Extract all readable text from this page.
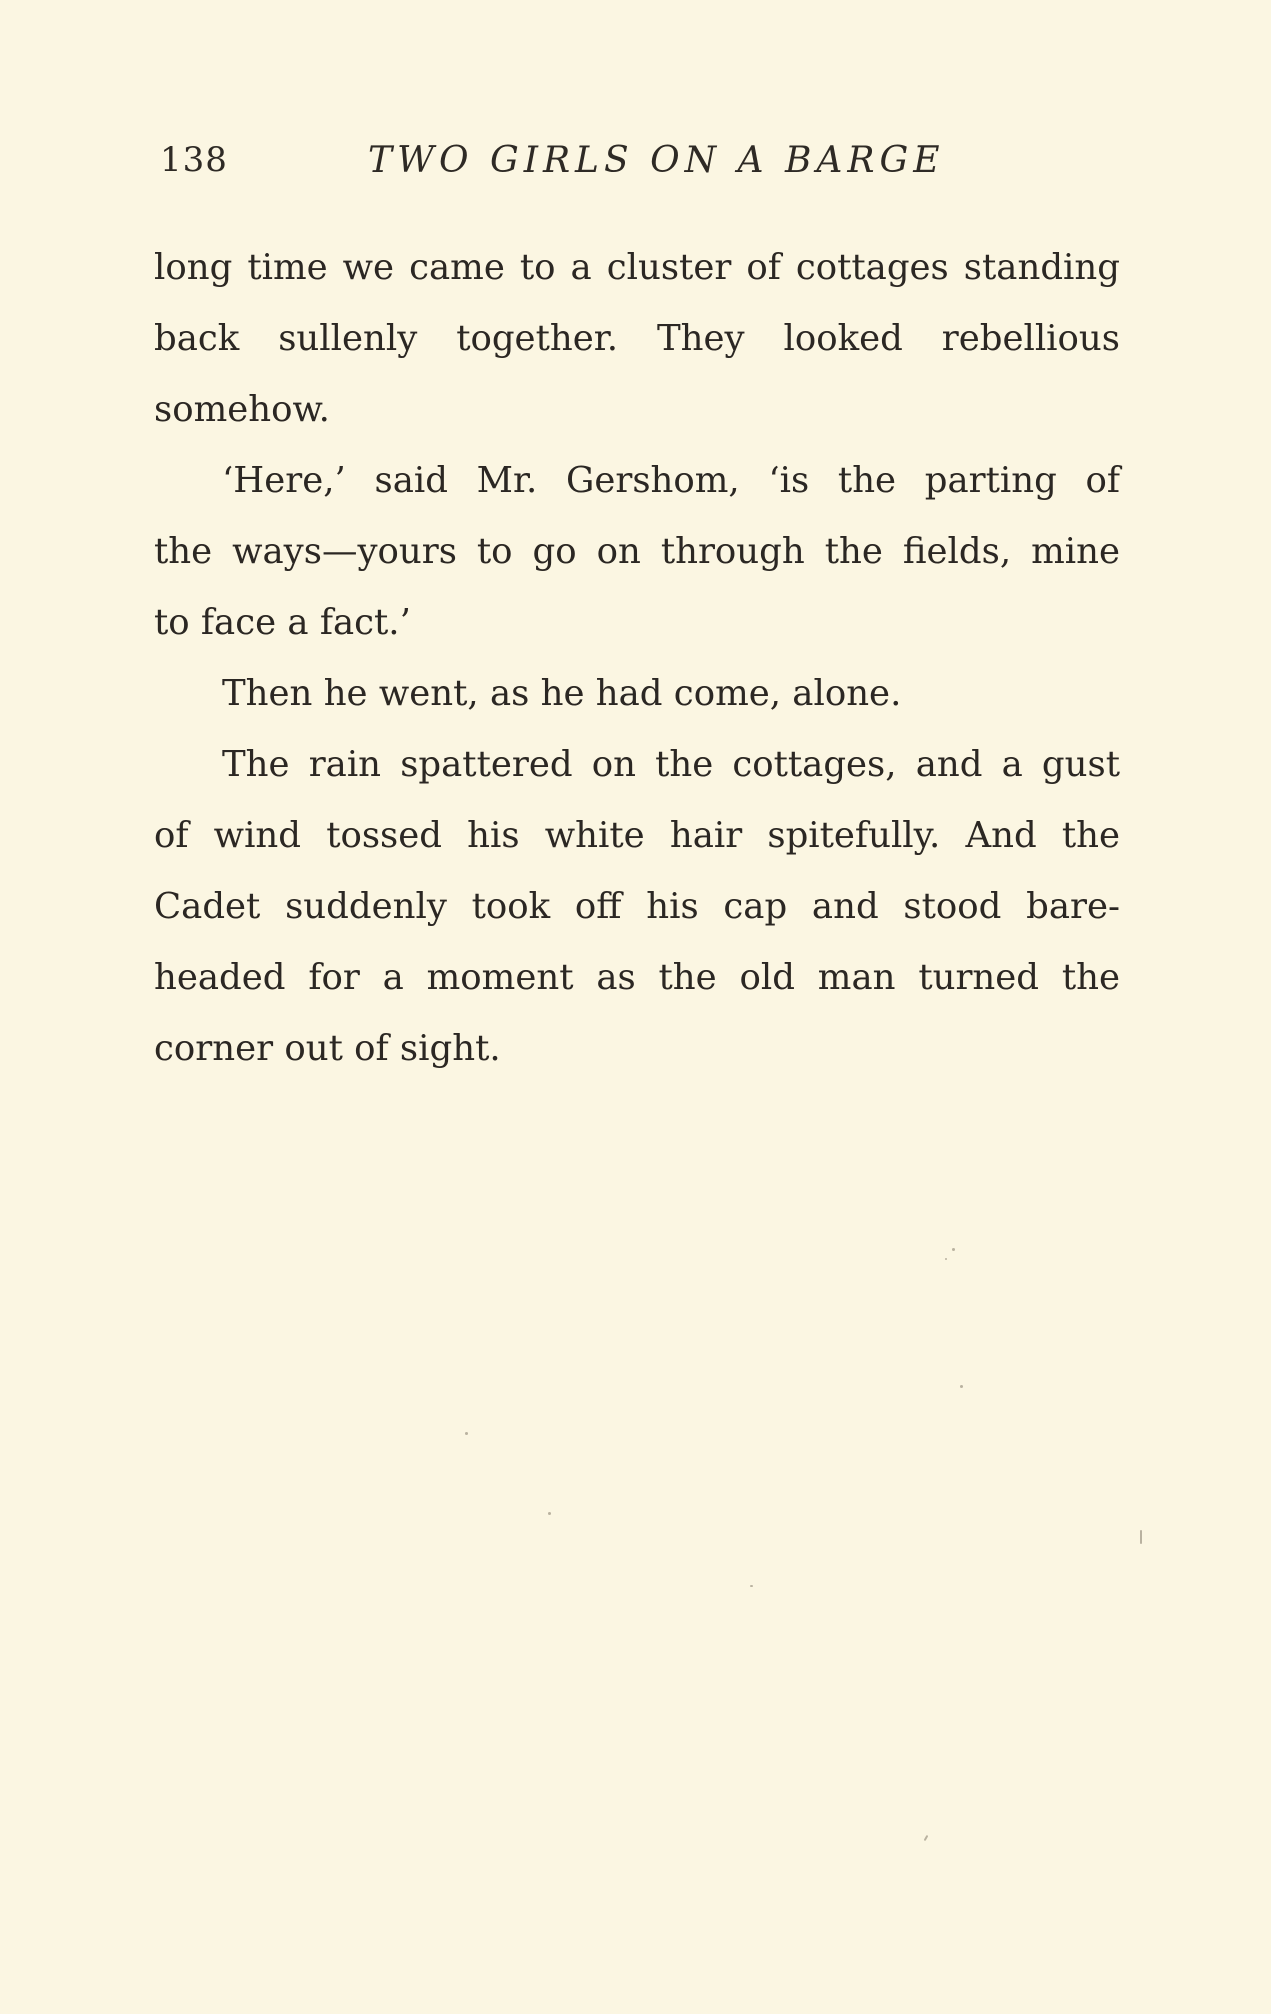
138	TWO GIRLS ON A BARGE
long time we came to a cluster of cottages standing
back sullenly together. They looked rebellious
somehow.
‘Here,’ said Mr. Gershom, ‘is the parting of
the ways—yours to go on through the fields, mine
to face a fact.’
Then he went, as he had come, alone.
The rain spattered on the cottages, and a gust
of wind tossed his white hair spitefully. And the
Cadet suddenly took off his cap and stood bare-
headed for a moment as the old man turned the
corner out of sight.
